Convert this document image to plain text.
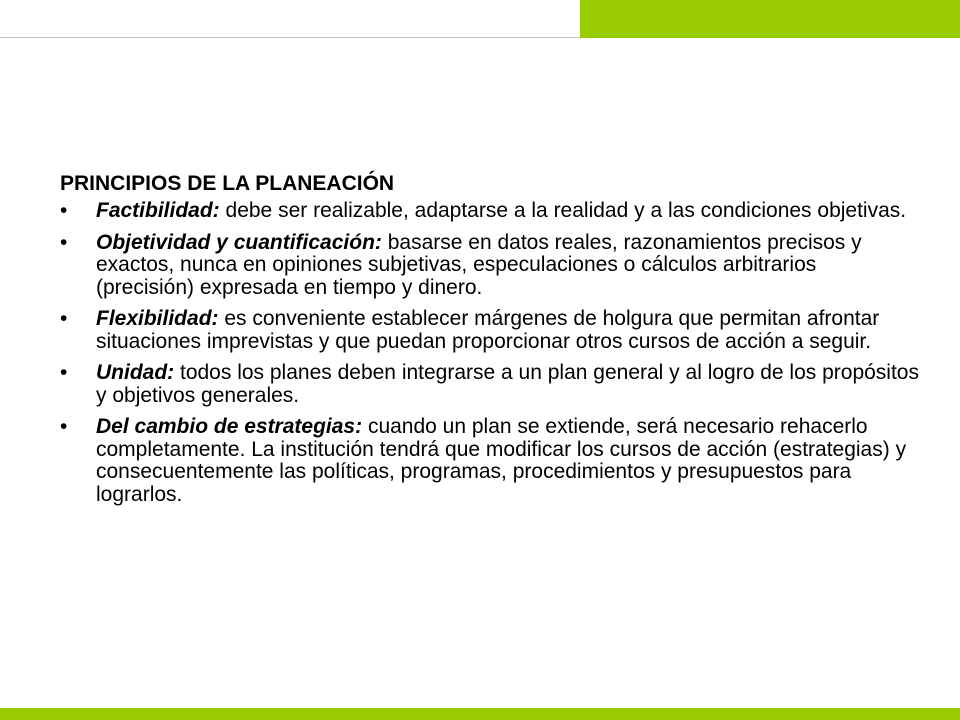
PRINCIPIOS DE LA PLANEACIÓN
• Factibilidad: debe ser realizable, adaptarse a la realidad y a las condiciones objetivas.
• Objetividad y cuantificación: basarse en datos reales, razonamientos precisos y exactos, nunca en opiniones subjetivas, especulaciones o cálculos arbitrarios (precisión) expresada en tiempo y dinero.
• Flexibilidad: es conveniente establecer márgenes de holgura que permitan afrontar situaciones imprevistas y que puedan proporcionar otros cursos de acción a seguir.
• Unidad: todos los planes deben integrarse a un plan general y al logro de los propósitos y objetivos generales.
• Del cambio de estrategias: cuando un plan se extiende, será necesario rehacerlo completamente. La institución tendrá que modificar los cursos de acción (estrategias) y consecuentemente las políticas, programas, procedimientos y presupuestos para lograrlos.
